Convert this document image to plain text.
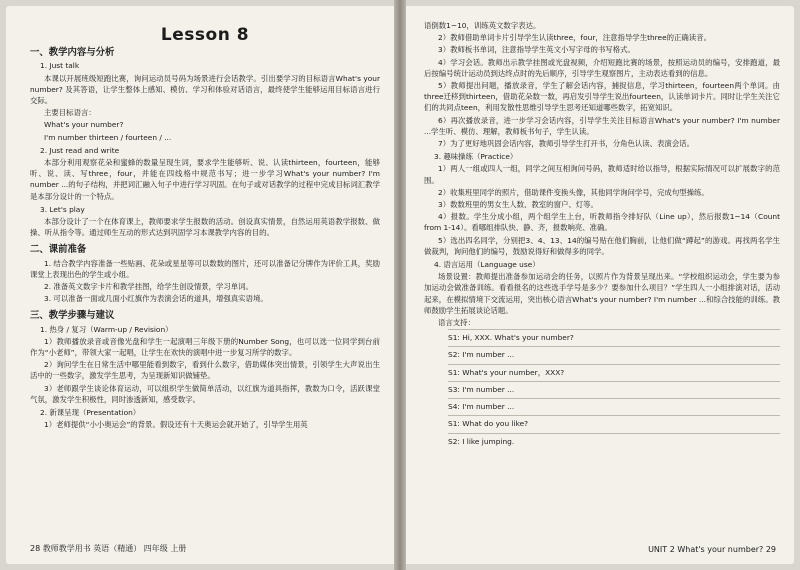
Lesson 8
一、教学内容与分析
1. Just talk

本课以开展班级短跑比赛，询问运动员号码为场景进行会话教学。引出要学习的目标语言What's your number? 及其答语，让学生整体上感知、模仿、学习和体验对话语言，最终使学生能够运用目标语言进行交际。

主要目标语言：
What's your number?
I'm number thirteen / fourteen / ...
2. Just read and write

本部分利用观察花朵和蜜蜂的数量呈现生词，要求学生能够听、说、认读thirteen，fourteen，能够听、说、读、写three，four，并能在四线格中规范书写；进一步学习What's your number? I'm number ...的句子结构，并把词汇融入句子中进行学习巩固。在句子或对话教学的过程中完成目标词汇教学是本部分设计的一个特点。

3. Let's play

本部分设计了一个在体育课上，教师要求学生报数的活动。创设真实情景，自然运用英语教学报数、做操、听从指令等。通过师生互动的形式达到巩固学习本课教学内容的目的。

二、课前准备

1. 结合教学内容准备一些贴画、花朵或星星等可以数数的图片，还可以准备记分牌作为评价工具，奖励课堂上表现出色的学生或小组。

2. 准备英文数字卡片和教学挂图，给学生创设情景，学习单词。

3. 可以准备一面或几面小红旗作为表演会话的道具，增强真实语境。

三、教学步骤与建议
1. 热身 / 复习（Warm-up / Revision）

1）教师播放录音或音像光盘和学生一起演唱三年级下册的Number Song，也可以选一位同学到台前作为“小老师”，带领大家一起唱，让学生在欢快的演唱中进一步复习所学的数字。

2）询问学生在日常生活中哪里能看到数字，看到什么数字，借助媒体突出情景，引领学生大声说出生活中的一些数字，激发学生思考，为呈现新知识做铺垫。

3）老师跟学生谈论体育运动，可以组织学生做简单活动，以红旗为道具指挥，教数为口令，活跃课堂气氛，激发学生积极性，同时渗透新知，感受数字。

2. 新课呈现（Presentation）

1）老师提供“小小奥运会”的背景。假设还有十天奥运会就开始了，引导学生用英

28 教师教学用书 英语（精通） 四年级 上册

语倒数1~10，训练英文数字表达。

2）教师借助单词卡片引导学生认读three，four，注意指导学生three的正确读音。

3）教师板书单词，注意指导学生英文小写字母的书写格式。

4）学习会话。教师出示教学挂图或光盘视频，介绍短跑比赛的场景，按照运动员的编号，安排跑道，最后按编号统计运动员到达终点时的先后顺序，引导学生观察图片，主动表达看到的信息。

5）教师提出问题，播放录音，学生了解会话内容，捕捉信息，学习thirteen，fourteen两个单词。由three迁移到thirteen，借助花朵数一数，再启发引导学生说出fourteen，认读单词卡片。同时让学生关注它们的共同点teen，利用发散性思维引导学生思考还知道哪些数字，拓宽知识。

6）再次播放录音，进一步学习会话内容，引导学生关注目标语言What's your number? I'm number ...学生听、模仿、理解，教师板书句子，学生认读。

7）为了更好地巩固会话内容，教师引导学生打开书，分角色认读、表演会话。

3. 趣味操练（Practice）

1）两人一组或四人一组，同学之间互相询问号码，教师适时给以指导，根据实际情况可以扩展数字的范围。

2）收集班里同学的照片，借助课件变换头像，其他同学询问学号，完成句型操练。

3）数数班里的男女生人数、教室的窗户、灯等。

4）报数。学生分成小组，两个组学生上台，听教师指令排好队（Line up），然后报数1~14（Count from 1-14）。看哪组排队快、静、齐，报数响亮、准确。

5）选出四名同学，分别把3、4、13、14的编号贴在他们胸前，让他们做“蹲起”的游戏。再找两名学生做裁判，询问他们的编号，鼓励说得好和做得多的同学。

4. 语言运用（Language use）

场景设置：教师提出准备参加运动会的任务，以照片作为背景呈现出来。“学校组织运动会，学生要为参加运动会做准备训练。看看报名的这些选手学号是多少？要参加什么项目？”学生四人一小组排演对话，活动起来，在模拟情境下交流运用，突出核心语言What's your number? I'm number ...和综合技能的训练。教师鼓励学生拓展谈论话题。

语言支持：
S1: Hi, XXX. What's your number?
S2: I'm number ...
S1: What's your number，XXX?
S3: I'm number ...
S4: I'm number ...
S1: What do you like?
S2: I like jumping.
UNIT 2 What's your number? 29
